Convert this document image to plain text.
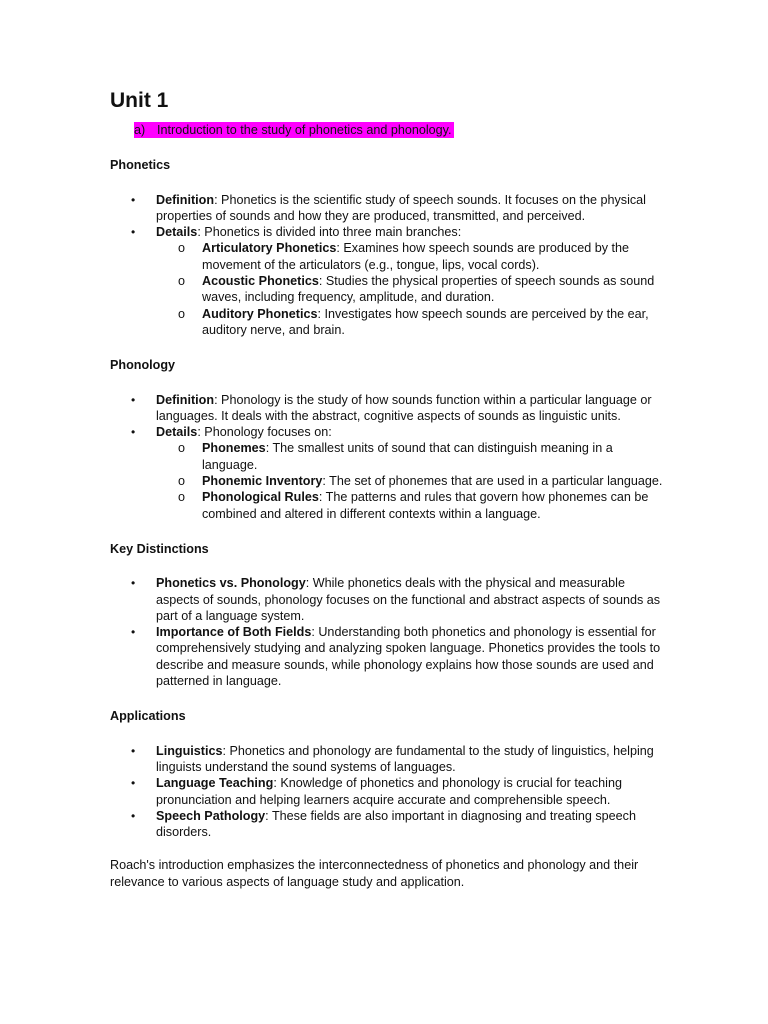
Unit 1
a) Introduction to the study of phonetics and phonology.
Phonetics
• Definition: Phonetics is the scientific study of speech sounds. It focuses on the physical properties of sounds and how they are produced, transmitted, and perceived.
• Details: Phonetics is divided into three main branches:
o Articulatory Phonetics: Examines how speech sounds are produced by the movement of the articulators (e.g., tongue, lips, vocal cords).
o Acoustic Phonetics: Studies the physical properties of speech sounds as sound waves, including frequency, amplitude, and duration.
o Auditory Phonetics: Investigates how speech sounds are perceived by the ear, auditory nerve, and brain.
Phonology
• Definition: Phonology is the study of how sounds function within a particular language or languages. It deals with the abstract, cognitive aspects of sounds as linguistic units.
• Details: Phonology focuses on:
o Phonemes: The smallest units of sound that can distinguish meaning in a language.
o Phonemic Inventory: The set of phonemes that are used in a particular language.
o Phonological Rules: The patterns and rules that govern how phonemes can be combined and altered in different contexts within a language.
Key Distinctions
• Phonetics vs. Phonology: While phonetics deals with the physical and measurable aspects of sounds, phonology focuses on the functional and abstract aspects of sounds as part of a language system.
• Importance of Both Fields: Understanding both phonetics and phonology is essential for comprehensively studying and analyzing spoken language. Phonetics provides the tools to describe and measure sounds, while phonology explains how those sounds are used and patterned in language.
Applications
• Linguistics: Phonetics and phonology are fundamental to the study of linguistics, helping linguists understand the sound systems of languages.
• Language Teaching: Knowledge of phonetics and phonology is crucial for teaching pronunciation and helping learners acquire accurate and comprehensible speech.
• Speech Pathology: These fields are also important in diagnosing and treating speech disorders.

Roach's introduction emphasizes the interconnectedness of phonetics and phonology and their relevance to various aspects of language study and application.
